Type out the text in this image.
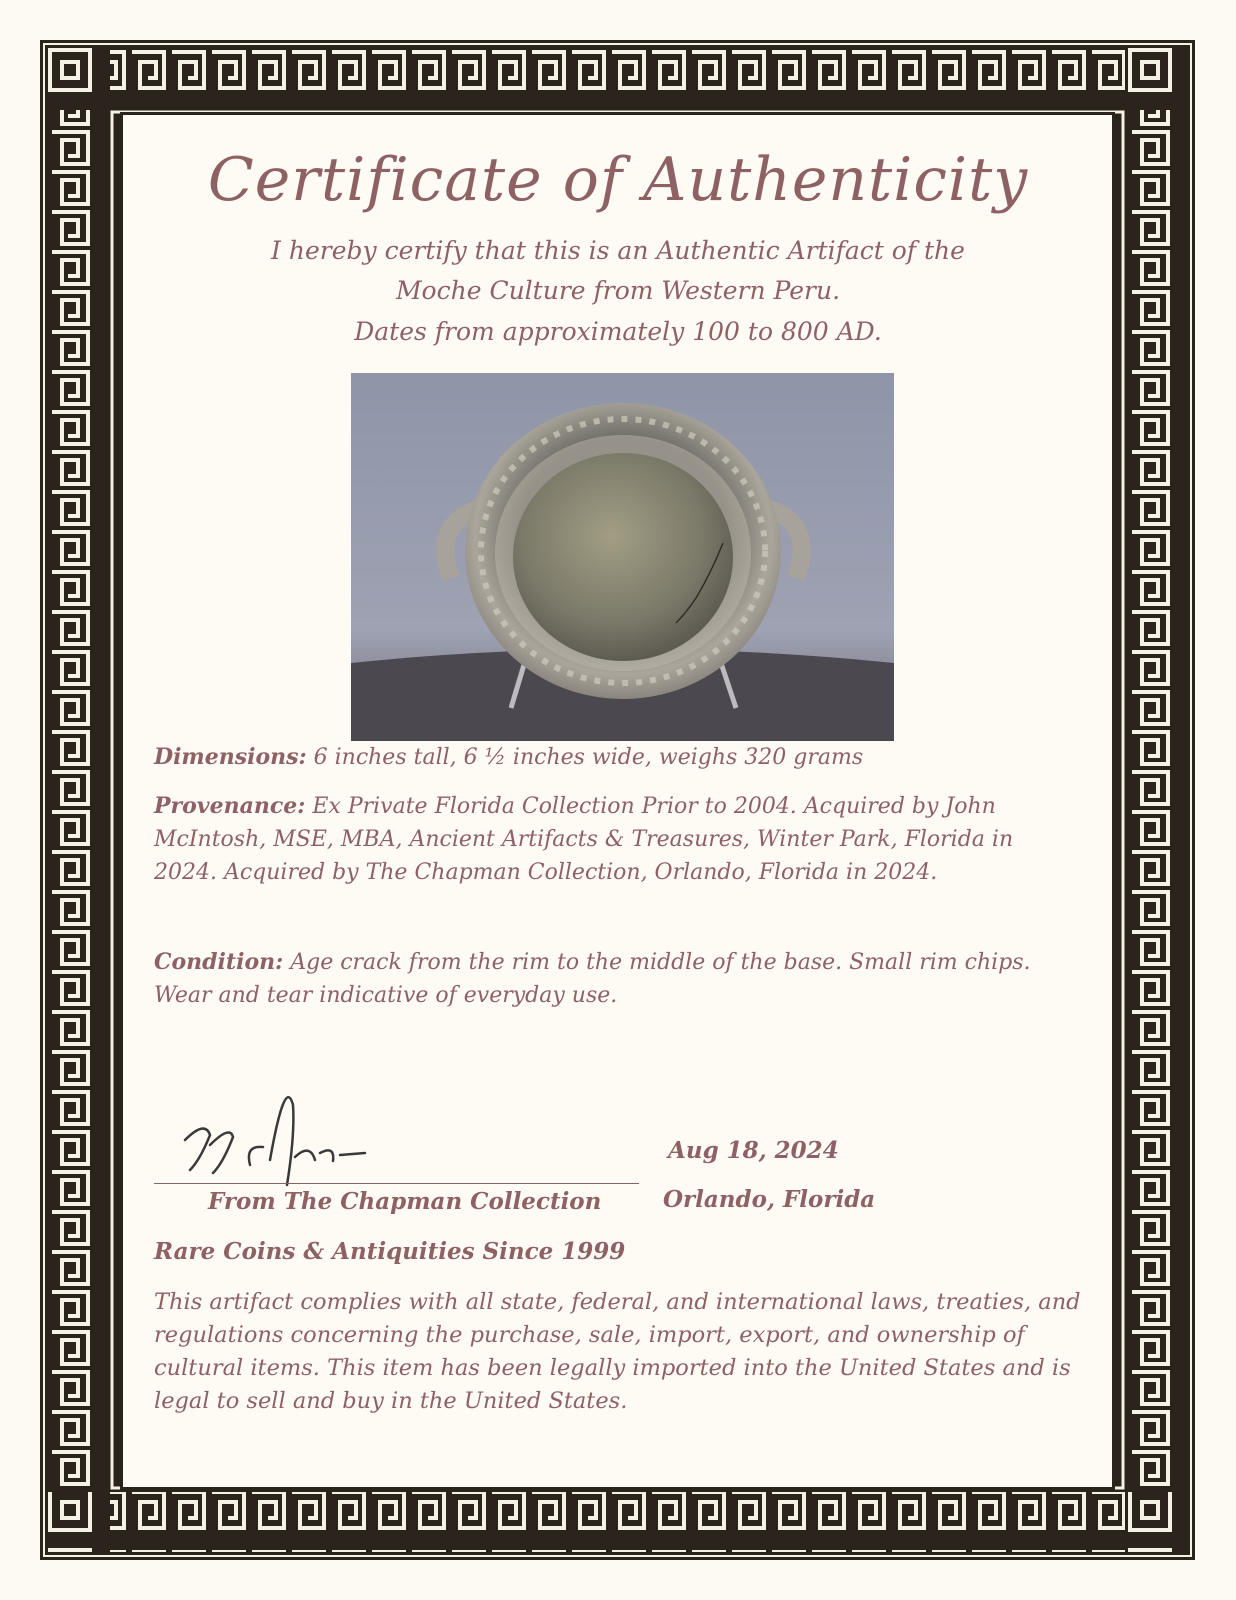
Certificate of Authenticity
I hereby certify that this is an Authentic Artifact of the
Moche Culture from Western Peru.
Dates from approximately 100 to 800 AD.
Dimensions: 6 inches tall, 6 ½ inches wide, weighs 320 grams
Provenance: Ex Private Florida Collection Prior to 2004. Acquired by John McIntosh, MSE, MBA, Ancient Artifacts & Treasures, Winter Park, Florida in 2024. Acquired by The Chapman Collection, Orlando, Florida in 2024.
Condition: Age crack from the rim to the middle of the base. Small rim chips. Wear and tear indicative of everyday use.
From The Chapman Collection
Aug 18, 2024
Orlando, Florida
Rare Coins & Antiquities Since 1999
This artifact complies with all state, federal, and international laws, treaties, and regulations concerning the purchase, sale, import, export, and ownership of cultural items. This item has been legally imported into the United States and is legal to sell and buy in the United States.
